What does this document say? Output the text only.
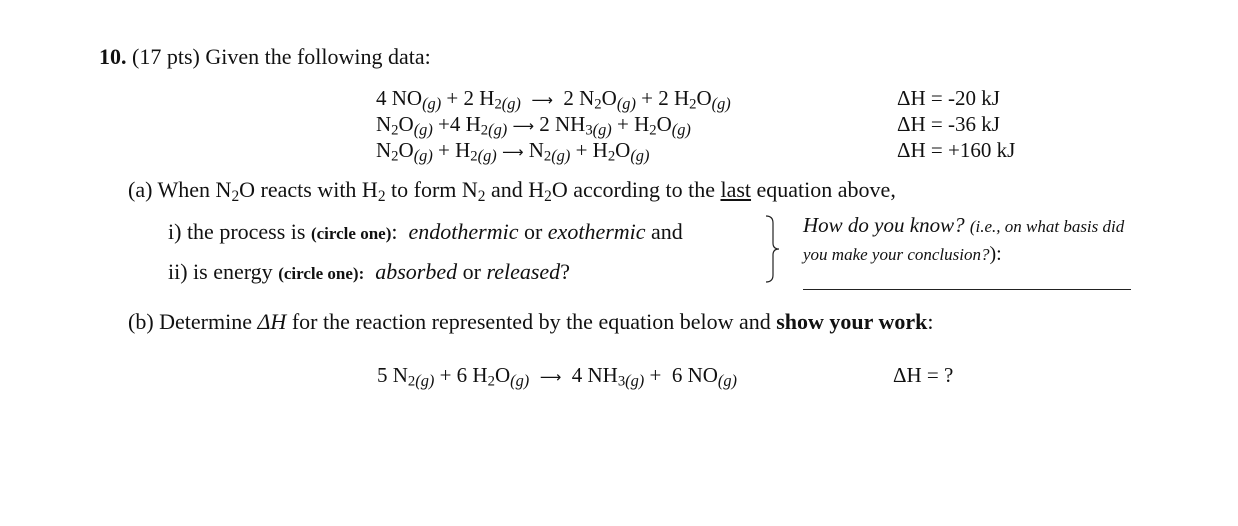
10. (17 pts) Given the following data:
4 NO(g) + 2 $H_2(g)$ ⟶  2 $N_2O(g) + 2$ $H_2O(g)$	ΔH = -20 kJ
$N_2O(g) +4$ $H_2(g)$ ⟶ 2 $NH_3(g) + H_2O(g)$	ΔH = -36 kJ
$N_2O(g) + H_2(g)$ ⟶ $N_2(g) + H_2O(g)$	ΔH = +160 kJ
(a) When $N_2O$ reacts with $H_2$ to form $N_2$ and $H_2O$ according to the last equation above,
i) the process is (circle one): endothermic or exothermic and
ii) is energy (circle one): absorbed or released?
How do you know? (i.e., on what basis did
you make your conclusion?):
(b) Determine ΔH for the reaction represented by the equation below and show your work:
5 $N_2(g) + 6$ $H_2O(g)$ ⟶  4 $NH_3(g) + 6$ NO(g)	ΔH = ?
